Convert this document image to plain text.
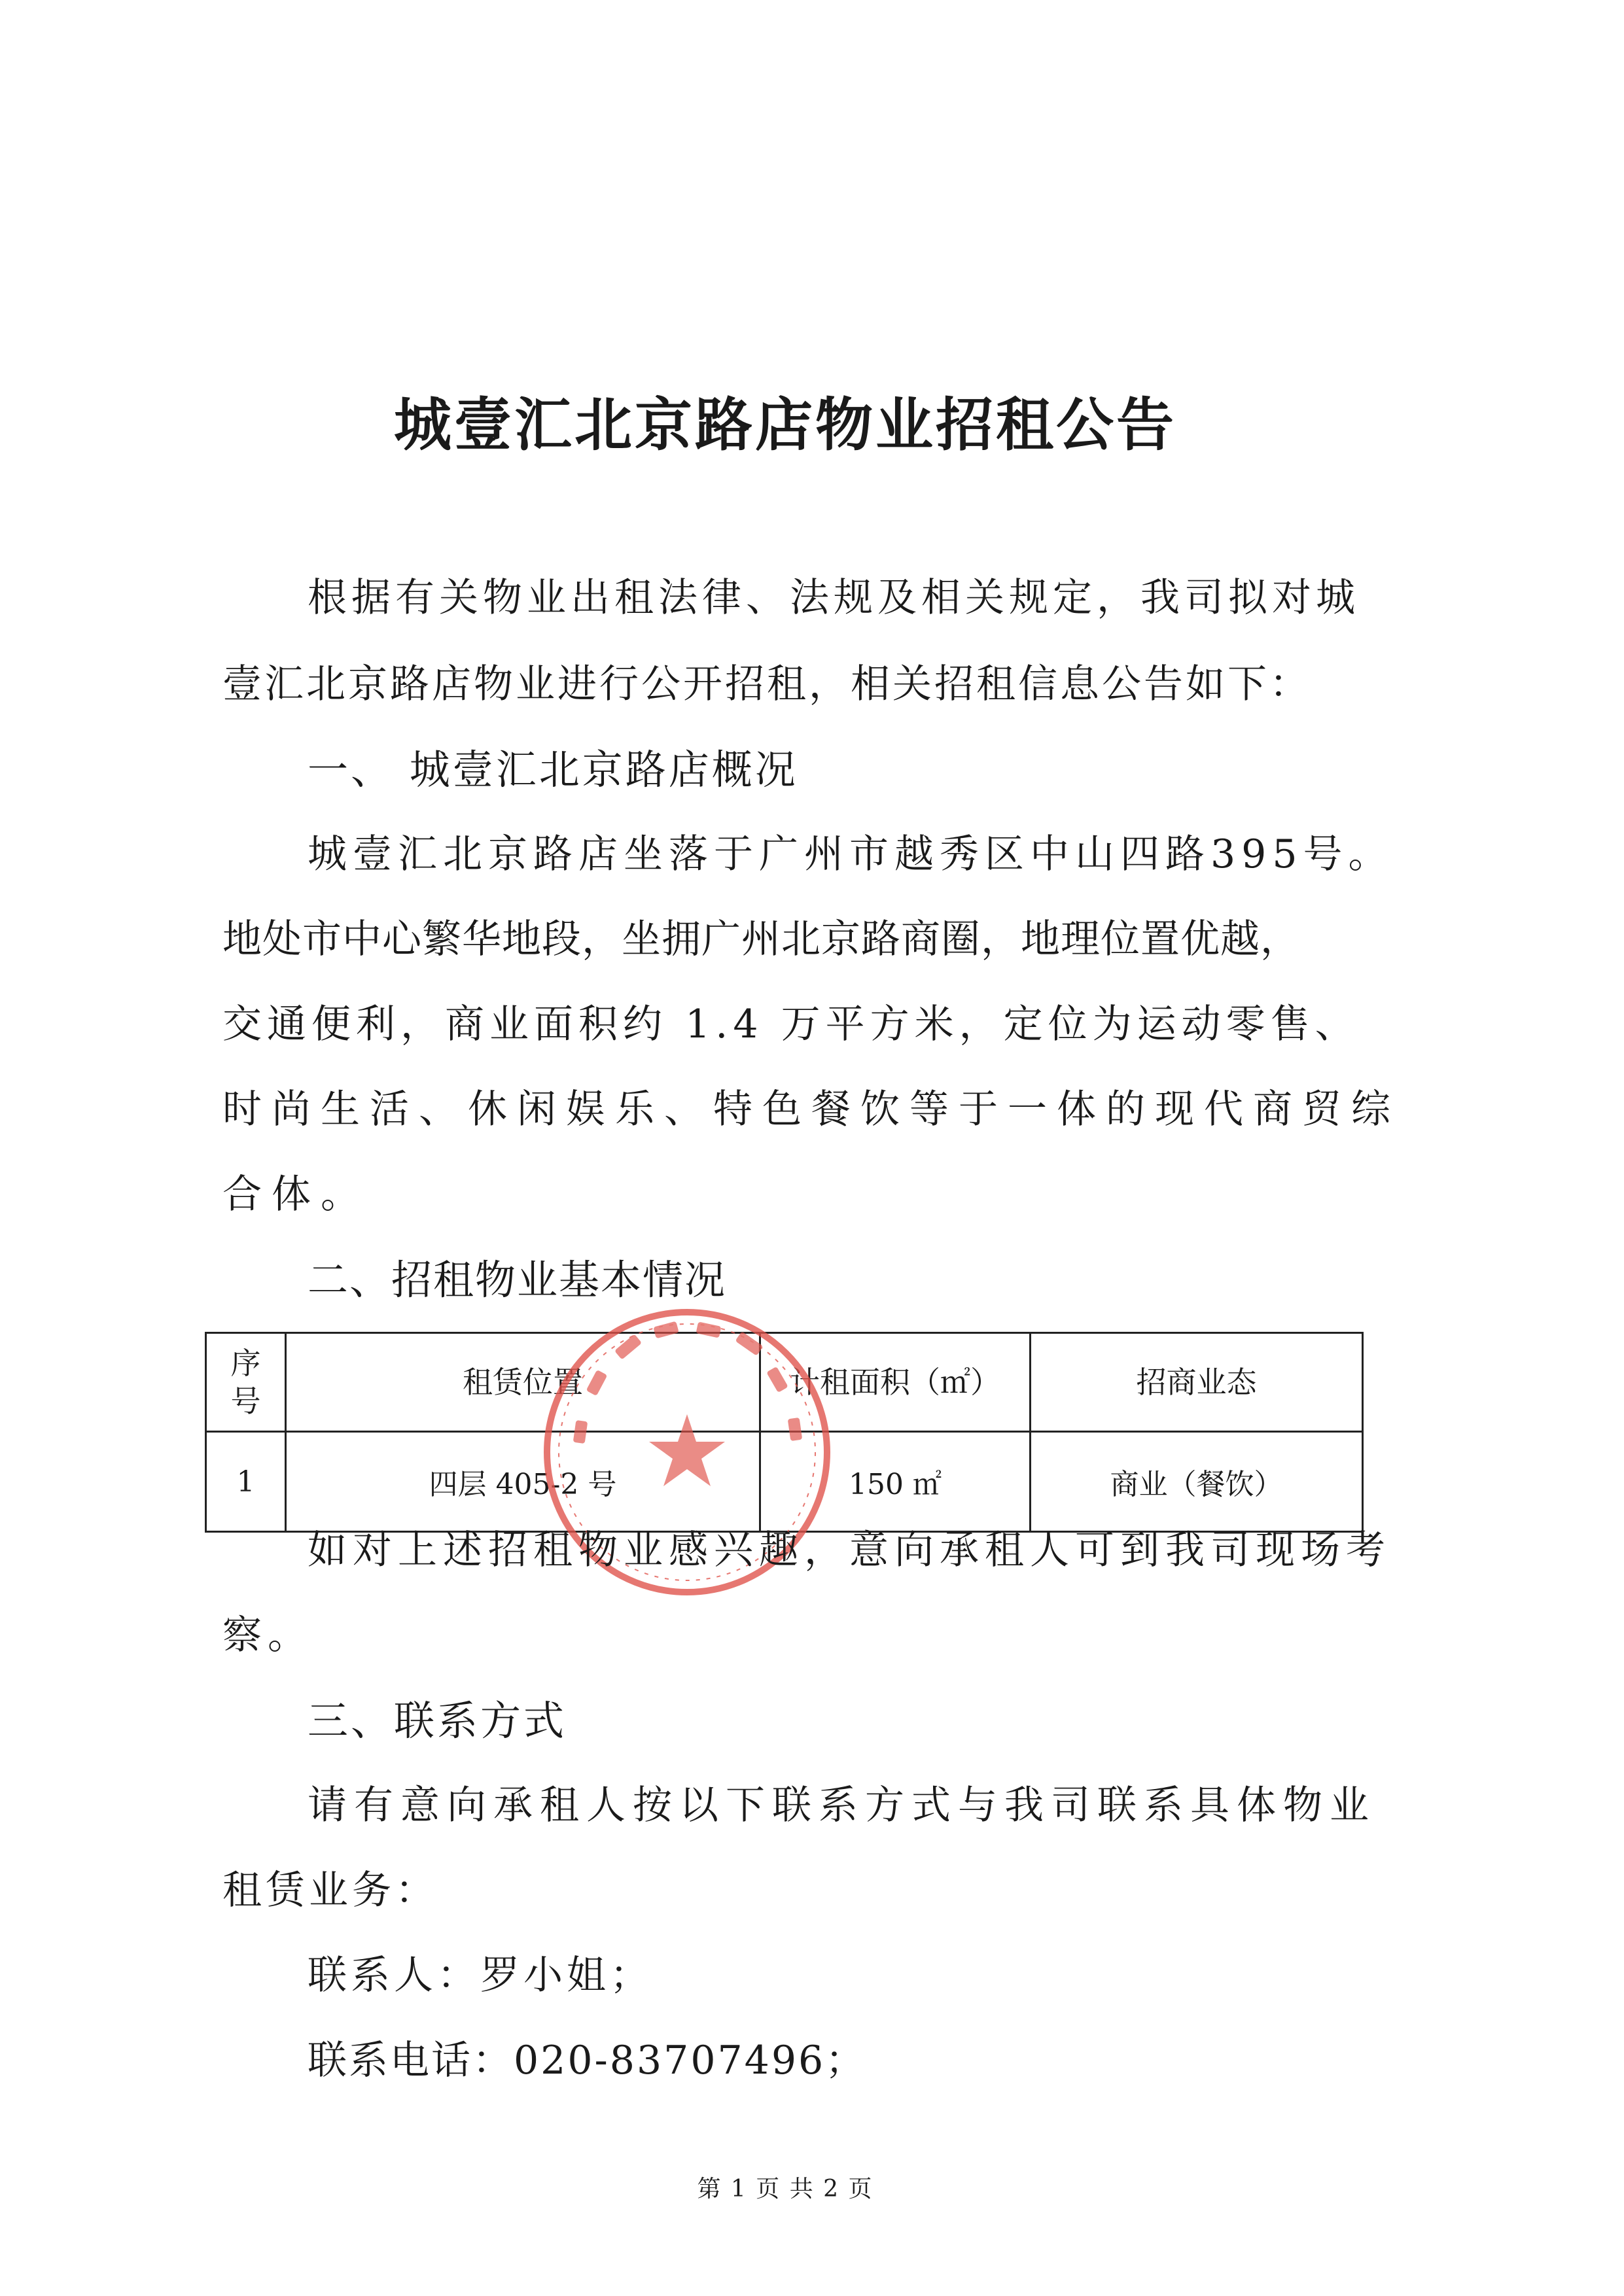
城壹汇北京路店物业招租公告
根据有关物业出租法律、法规及相关规定，我司拟对城
壹汇北京路店物业进行公开招租，相关招租信息公告如下：
一、 城壹汇北京路店概况
城壹汇北京路店坐落于广州市越秀区中山四路395号。
地处市中心繁华地段，坐拥广州北京路商圈，地理位置优越，
交通便利，商业面积约 1.4 万平方米，定位为运动零售、
时尚生活、休闲娱乐、特色餐饮等于一体的现代商贸综
合体。
二、招租物业基本情况
序号	租赁位置	计租面积（㎡）	招商业态
1	四层 405-2 号	150 ㎡	商业（餐饮）
如对上述招租物业感兴趣，意向承租人可到我司现场考
察。
三、联系方式
请有意向承租人按以下联系方式与我司联系具体物业
租赁业务：
联系人：罗小姐；
联系电话：020-83707496；
第 1 页 共 2 页
